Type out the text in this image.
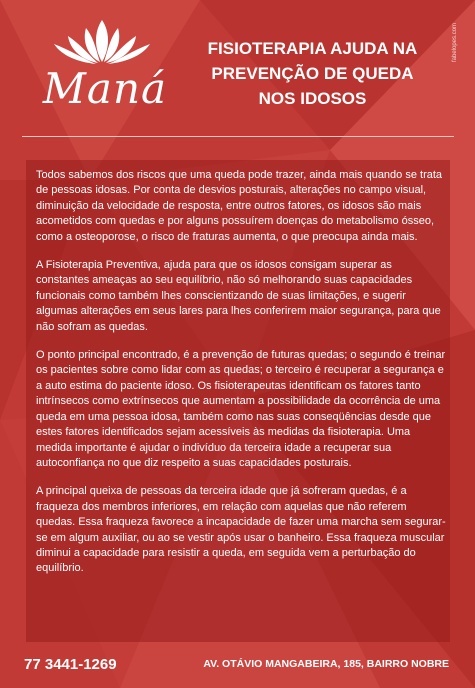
Maná
FISIOTERAPIA AJUDA NA
PREVENÇÃO DE QUEDA
NOS IDOSOS
fabelopes.com

Todos sabemos dos riscos que uma queda pode trazer, ainda mais quando se trata de pessoas idosas. Por conta de desvios posturais, alterações no campo visual, diminuição da velocidade de resposta, entre outros fatores, os idosos são mais acometidos com quedas e por alguns possuírem doenças do metabolismo ósseo, como a osteoporose, o risco de fraturas aumenta, o que preocupa ainda mais.

A Fisioterapia Preventiva, ajuda para que os idosos consigam superar as constantes ameaças ao seu equilíbrio, não só melhorando suas capacidades funcionais como também lhes conscientizando de suas limitações, e sugerir algumas alterações em seus lares para lhes conferirem maior segurança, para que não sofram as quedas.

O ponto principal encontrado, é a prevenção de futuras quedas; o segundo é treinar os pacientes sobre como lidar com as quedas; o terceiro é recuperar a segurança e a auto estima do paciente idoso. Os fisioterapeutas identificam os fatores tanto intrínsecos como extrínsecos que aumentam a possibilidade da ocorrência de uma queda em uma pessoa idosa, também como nas suas conseqüências desde que estes fatores identificados sejam acessíveis às medidas da fisioterapia. Uma medida importante é ajudar o indivíduo da terceira idade a recuperar sua autoconfiança no que diz respeito a suas capacidades posturais.

A principal queixa de pessoas da terceira idade que já sofreram quedas, é a fraqueza dos membros inferiores, em relação com aquelas que não referem quedas. Essa fraqueza favorece a incapacidade de fazer uma marcha sem segurar-se em algum auxiliar, ou ao se vestir após usar o banheiro. Essa fraqueza muscular diminui a capacidade para resistir a queda, em seguida vem a perturbação do equilíbrio.

77 3441-1269	AV. OTÁVIO MANGABEIRA, 185, BAIRRO NOBRE
